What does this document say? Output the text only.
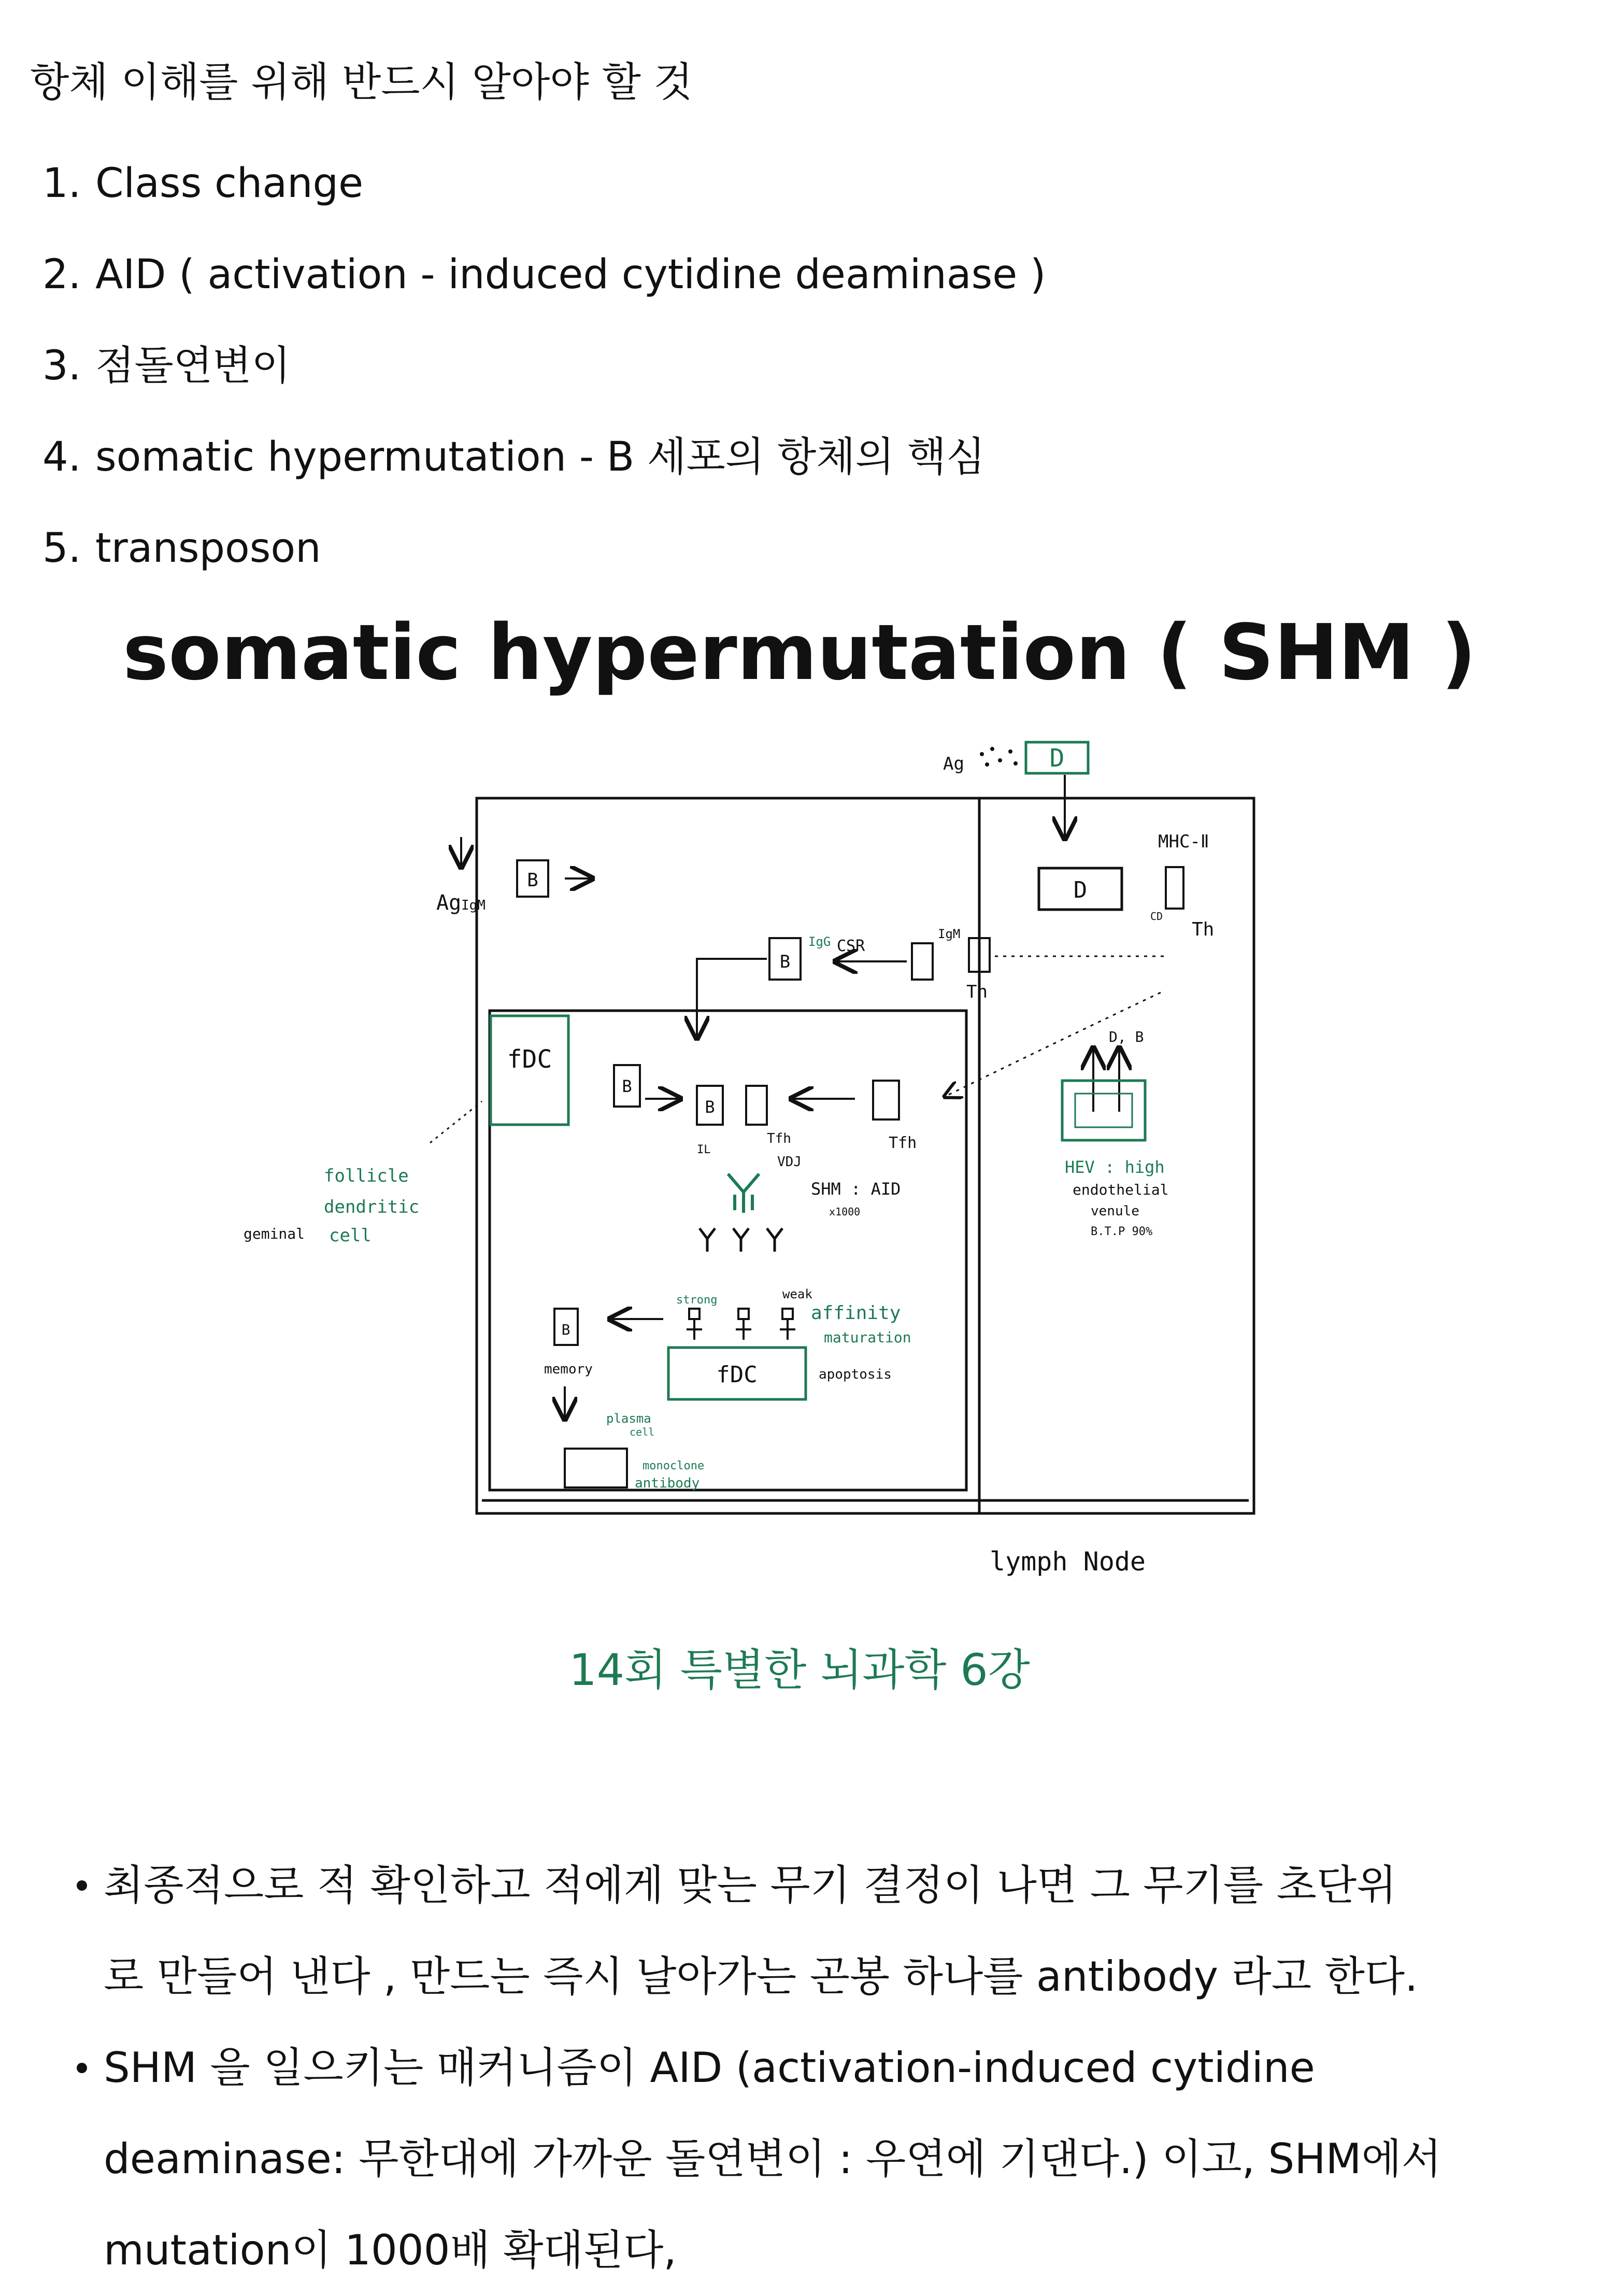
항체 이해를 위해 반드시 알아야 할 것
1. Class change
2. AID ( activation - induced cytidine deaminase )
3. 점돌연변이
4. somatic hypermutation - B 세포의 항체의 핵심
5. transposon
somatic hypermutation ( SHM )
D
Ag
D
MHC-Ⅱ
CD
Th
Ag IgM
B
B
IgG CSR
IgM
Th
fDC
B
B
IL
Tfh
VDJ
Tfh
SHM : AID
x1000
follicle
dendritic
cell
geminal
D, B
HEV : high
endothelial
venule
B.T.P 90%
strong	weak
affinity
maturation
apoptosis
fDC
B
memory
plasma
cell
monoclone
antibody
lymph Node
14회 특별한 뇌과학 6강
최종적으로 적 확인하고 적에게 맞는 무기 결정이 나면 그 무기를 초단위
로 만들어 낸다 , 만드는 즉시 날아가는 곤봉 하나를 antibody 라고 한다.
SHM 을 일으키는 매커니즘이 AID (activation-induced cytidine
deaminase: 무한대에 가까운 돌연변이 : 우연에 기댄다.) 이고, SHM에서
mutation이 1000배 확대된다,
